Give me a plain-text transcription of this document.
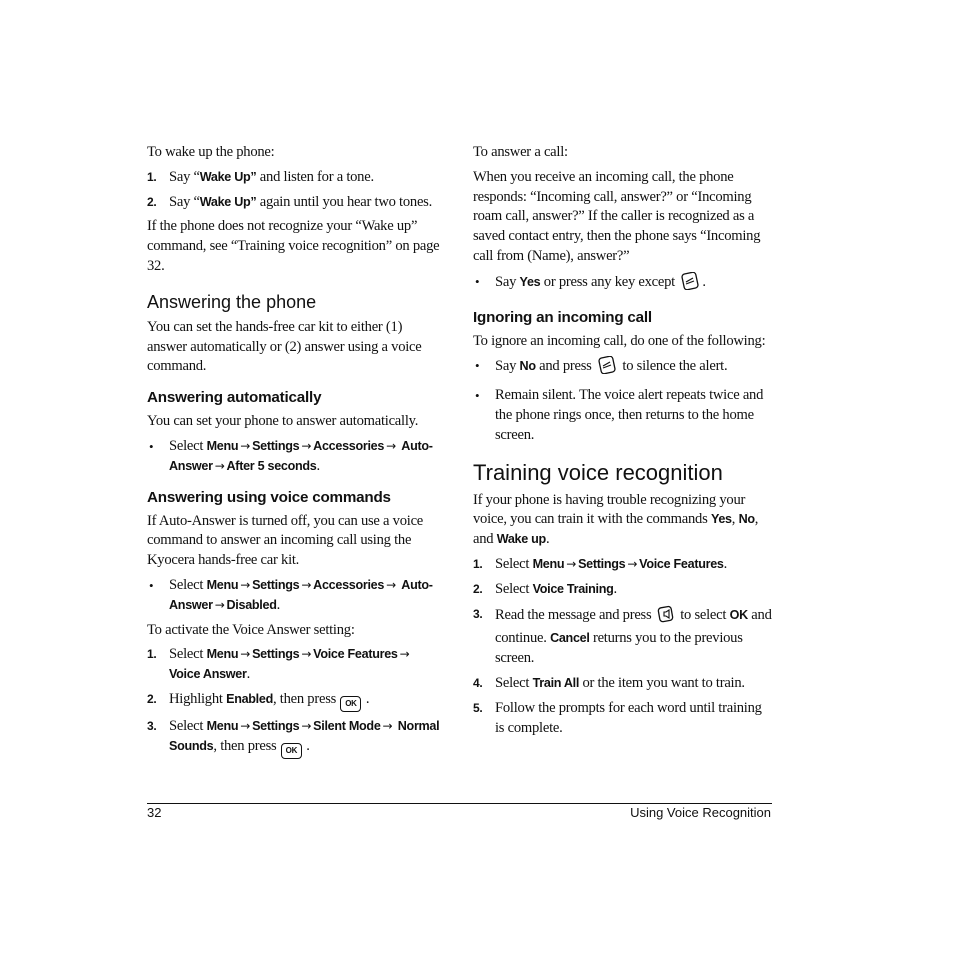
To wake up the phone:

1. Say “Wake Up” and listen for a tone.
2. Say “Wake Up” again until you hear two tones.

If the phone does not recognize your “Wake up” command, see “Training voice recognition” on page 32.

Answering the phone

You can set the hands-free car kit to either (1) answer automatically or (2) answer using a voice command.

Answering automatically

You can set your phone to answer automatically.

• Select Menu → Settings → Accessories → Auto-Answer → After 5 seconds.
Answering using voice commands

If Auto-Answer is turned off, you can use a voice command to answer an incoming call using the Kyocera hands-free car kit.

• Select Menu → Settings → Accessories → Auto-Answer → Disabled.

To activate the Voice Answer setting:

1. Select Menu → Settings → Voice Features → Voice Answer.
2. Highlight Enabled, then press OK .
3. Select Menu → Settings → Silent Mode → Normal Sounds, then press OK .

To answer a call:

When you receive an incoming call, the phone responds: “Incoming call, answer?” or “Incoming roam call, answer?” If the caller is recognized as a saved contact entry, then the phone says “Incoming call from (Name), answer?”

• Say Yes or press any key except .
Ignoring an incoming call

To ignore an incoming call, do one of the following:

• Say No and press  to silence the alert.
• Remain silent. The voice alert repeats twice and the phone rings once, then returns to the home screen.
Training voice recognition

If your phone is having trouble recognizing your voice, you can train it with the commands Yes, No, and Wake up.

1. Select Menu → Settings → Voice Features.
2. Select Voice Training.
3. Read the message and press  to select OK and continue. Cancel returns you to the previous screen.
4. Select Train All or the item you want to train.
5. Follow the prompts for each word until training is complete.
32	Using Voice Recognition
